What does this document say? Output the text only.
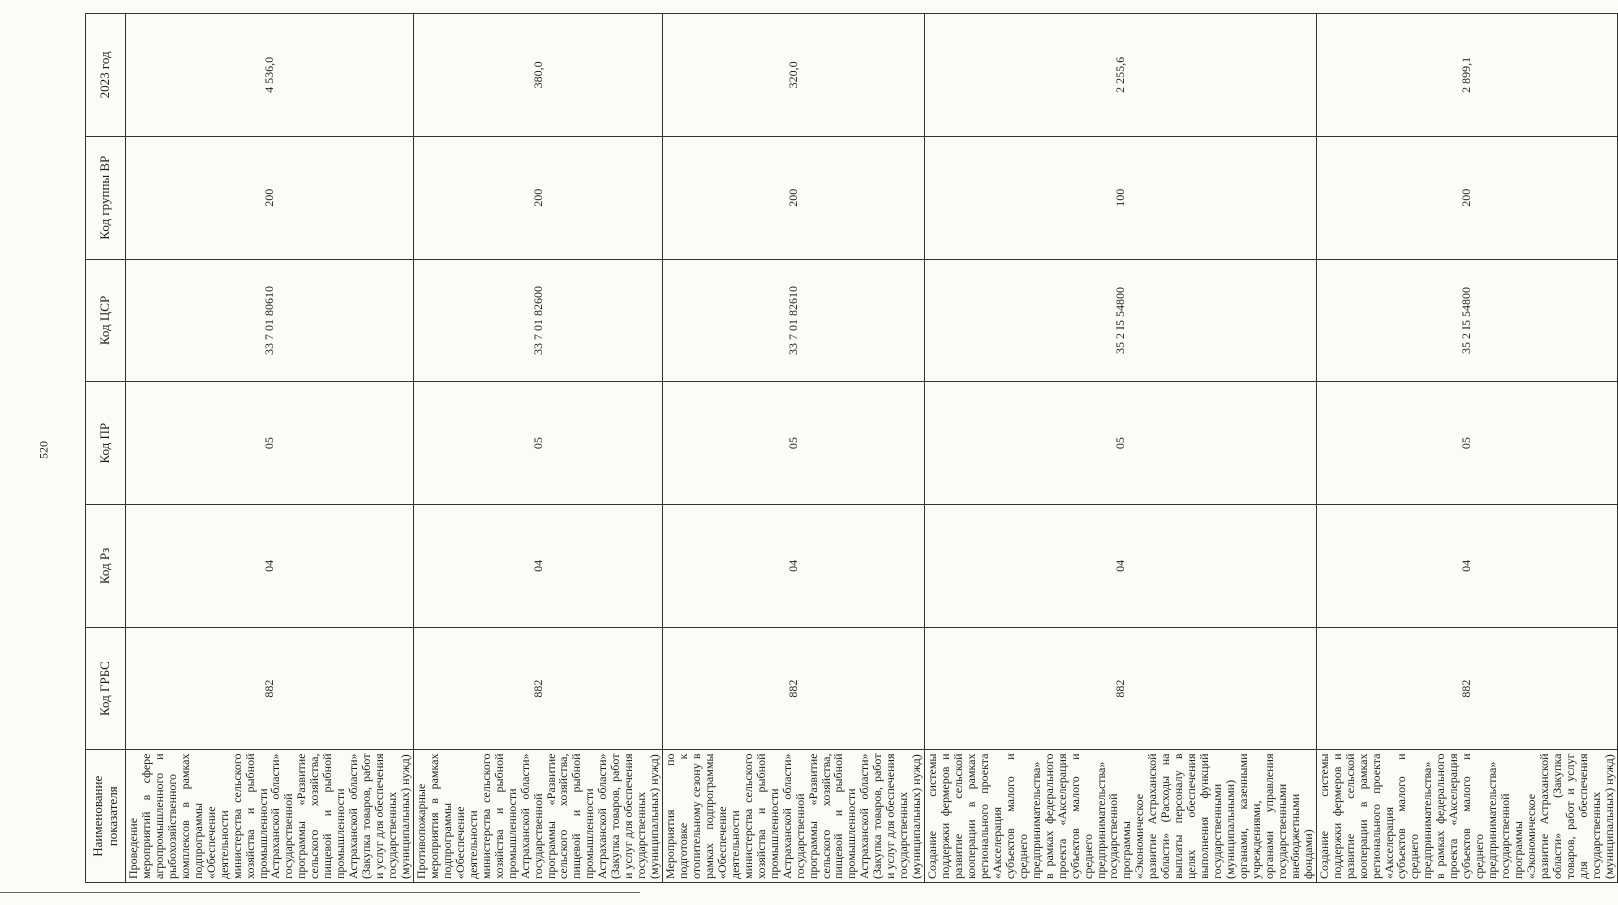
520
Наименование показателя	Код ГРБС	Код Рз	Код ПР	Код ЦСР	Код группы ВР	2023 год
Проведение мероприятий в сфере агропромышленного и рыбохозяйственного комплексов в рамках подпрограммы «Обеспечение деятельности министерства сельского хозяйства и рыбной промышленности Астраханской области» государственной программы «Развитие сельского хозяйства, пищевой и рыбной промышленности Астраханской области» (Закупка товаров, работ и услуг для обеспечения государственных (муниципальных) нужд)	882	04	05	33 7 01 80610	200	4 536,0
Противопожарные мероприятия в рамках подпрограммы «Обеспечение деятельности министерства сельского хозяйства и рыбной промышленности Астраханской области» государственной программы «Развитие сельского хозяйства, пищевой и рыбной промышленности Астраханской области» (Закупка товаров, работ и услуг для обеспечения государственных (муниципальных) нужд)	882	04	05	33 7 01 82600	200	380,0
Мероприятия по подготовке к отопительному сезону в рамках подпрограммы «Обеспечение деятельности министерства сельского хозяйства и рыбной промышленности Астраханской области» государственной программы «Развитие сельского хозяйства, пищевой и рыбной промышленности Астраханской области» (Закупка товаров, работ и услуг для обеспечения государственных (муниципальных) нужд)	882	04	05	33 7 01 82610	200	320,0
Создание системы поддержки фермеров и развитие сельской кооперации в рамках регионального проекта «Акселерация субъектов малого и среднего предпринимательства» в рамках федерального проекта «Акселерация субъектов малого и среднего предпринимательства» государственной программы «Экономическое развитие Астраханской области» (Расходы на выплаты персоналу в целях обеспечения выполнения функций государственными (муниципальными) органами, казенными учреждениями, органами управления государственными внебюджетными фондами)	882	04	05	35 2 I5 54800	100	2 255,6
Создание системы поддержки фермеров и развитие сельской кооперации в рамках регионального проекта «Акселерация субъектов малого и среднего предпринимательства» в рамках федерального проекта «Акселерация субъектов малого и среднего предпринимательства» государственной программы «Экономическое развитие Астраханской области» (Закупка товаров, работ и услуг для обеспечения государственных (муниципальных) нужд)	882	04	05	35 2 I5 54800	200	2 899,1
